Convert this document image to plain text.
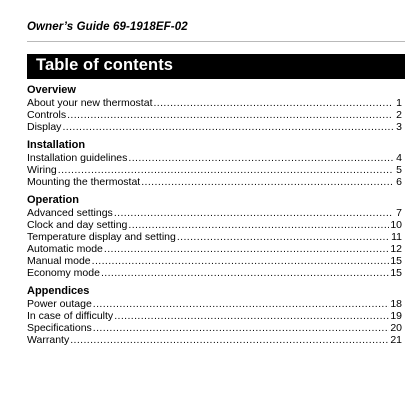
Owner’s Guide 69-1918EF-02
Table of contents
Overview
About your new thermostat .....	1
Controls .....	2
Display .....	3
Installation
Installation guidelines .....	4
Wiring .....	5
Mounting the thermostat .....	6
Operation
Advanced settings .....	7
Clock and day setting .....	10
Temperature display and setting .....	11
Automatic mode .....	12
Manual mode .....	15
Economy mode .....	15
Appendices
Power outage .....	18
In case of difficulty .....	19
Specifications .....	20
Warranty .....	21
